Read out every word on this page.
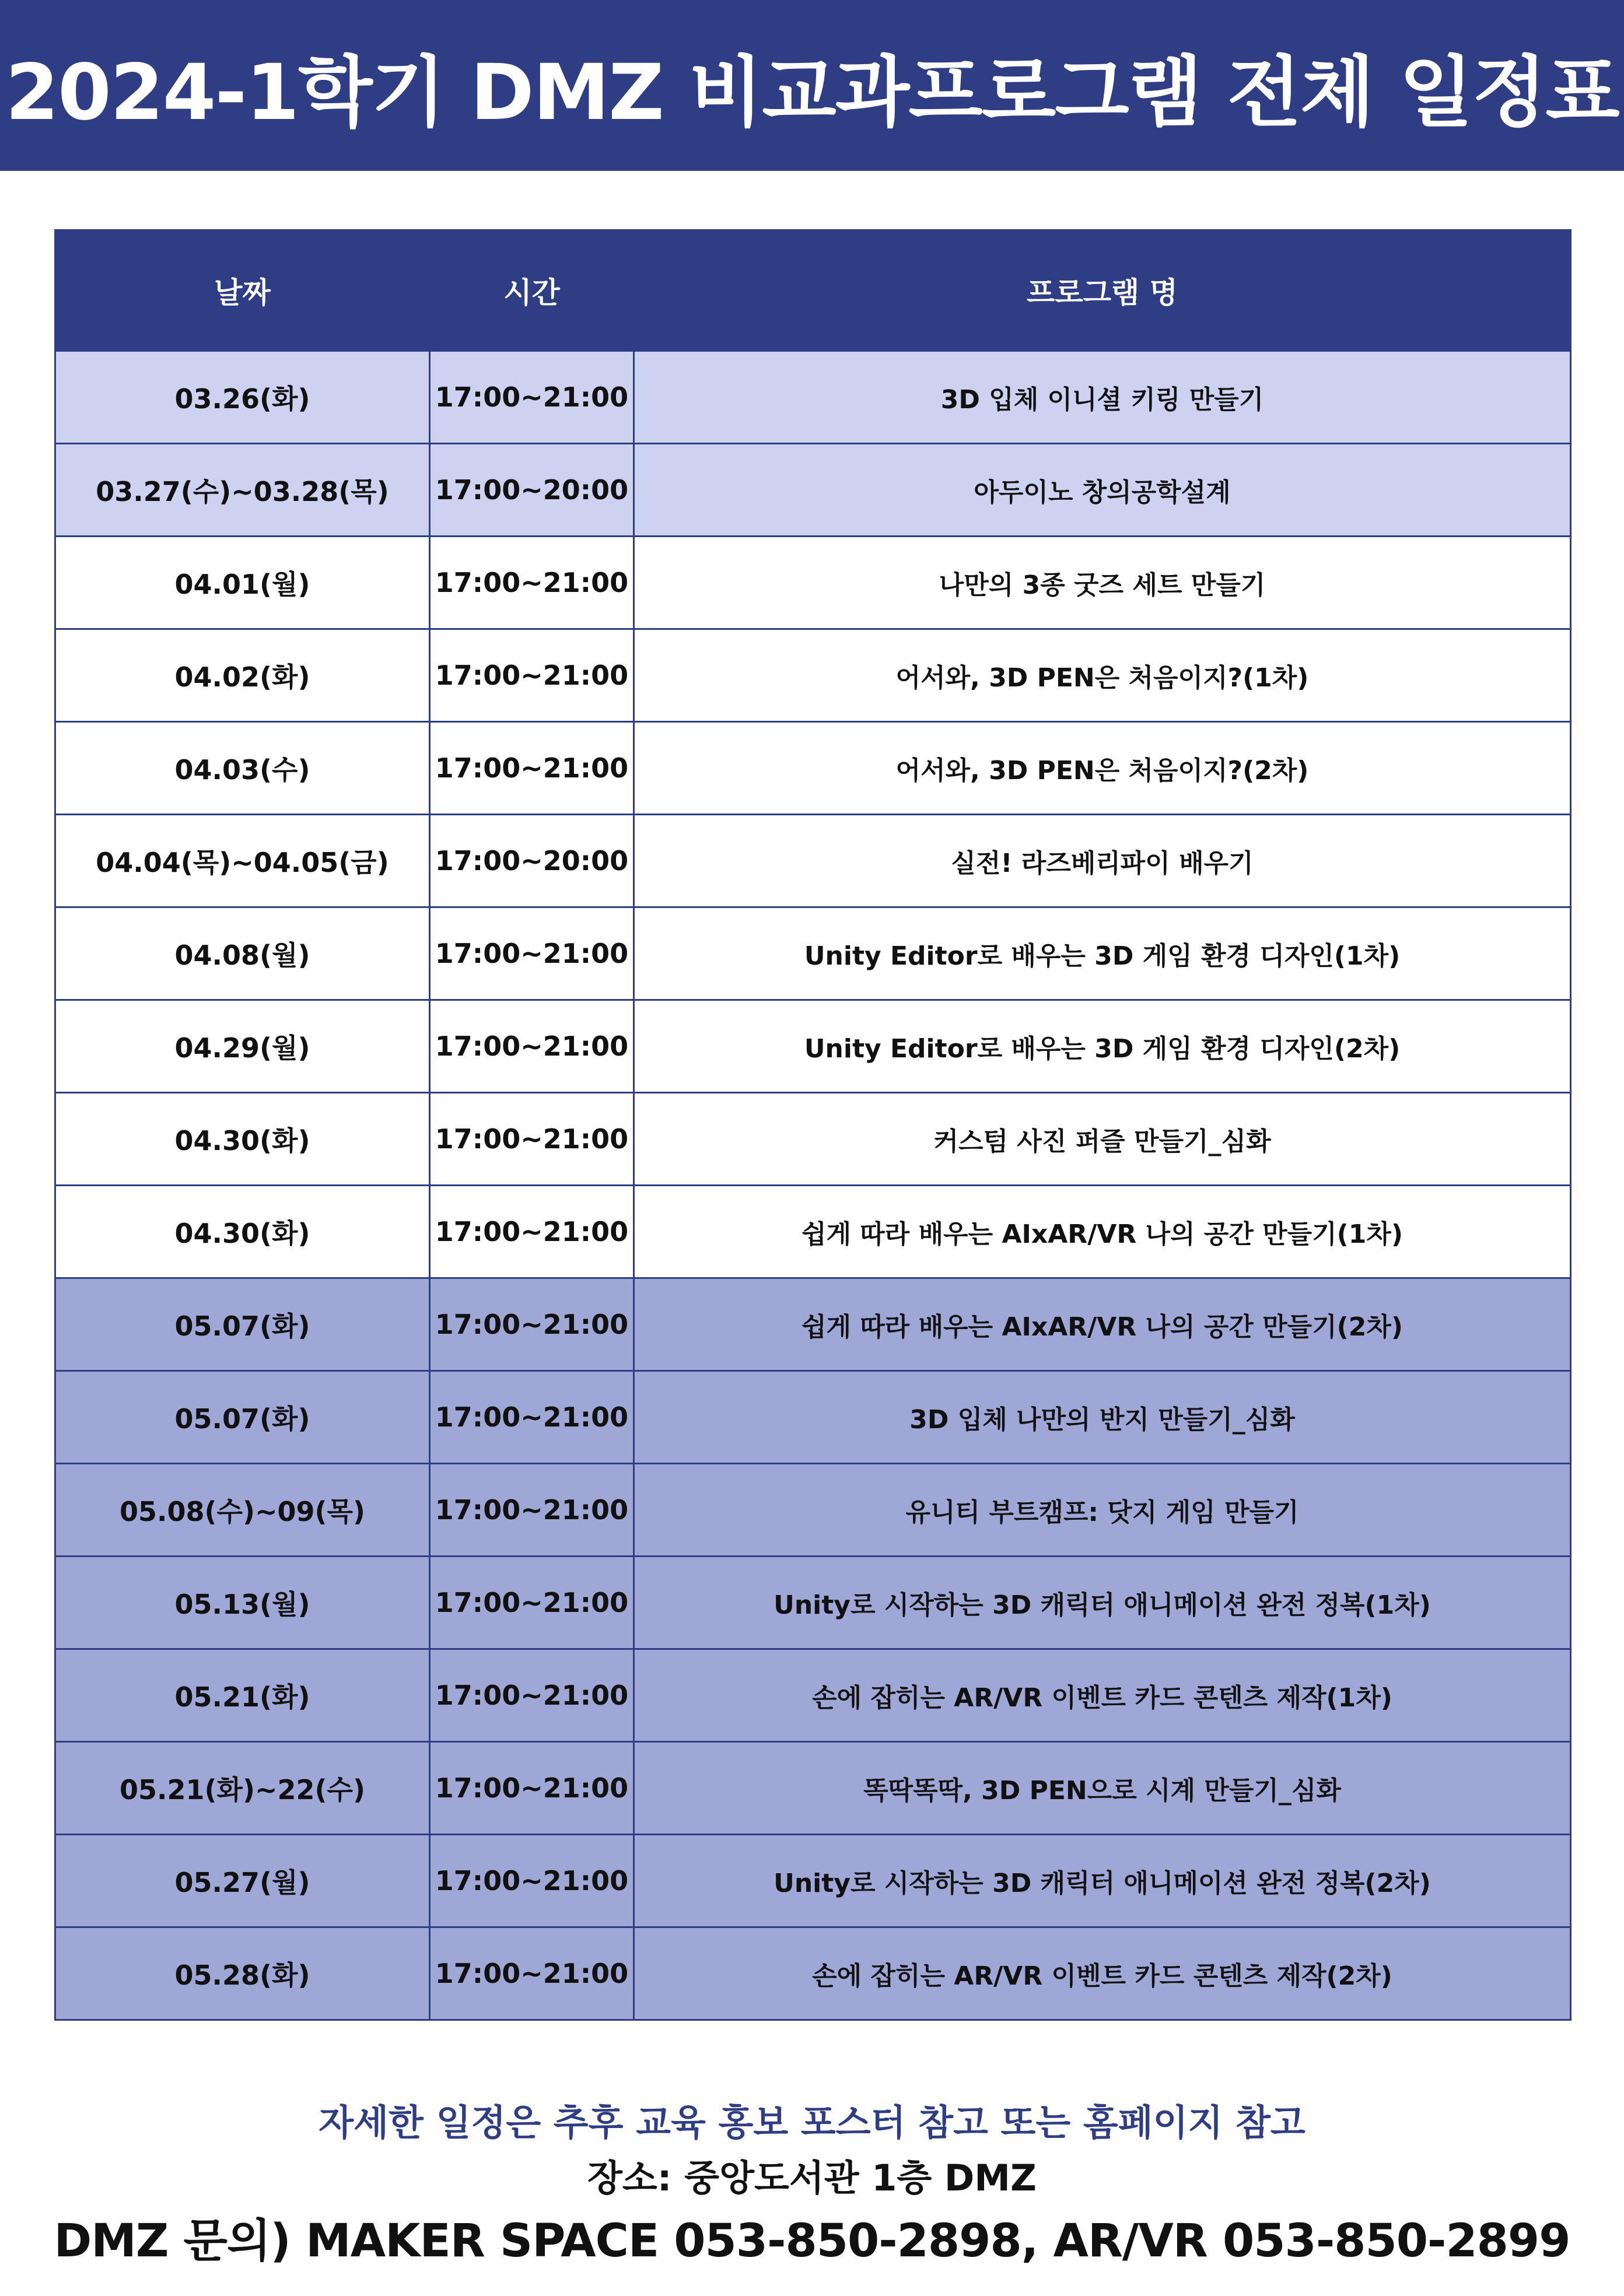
2024-1학기 DMZ 비교과프로그램 전체 일정표
날짜	시간	프로그램 명
03.26(화)	17:00~21:00	3D 입체 이니셜 키링 만들기
03.27(수)~03.28(목)	17:00~20:00	아두이노 창의공학설계
04.01(월)	17:00~21:00	나만의 3종 굿즈 세트 만들기
04.02(화)	17:00~21:00	어서와, 3D PEN은 처음이지?(1차)
04.03(수)	17:00~21:00	어서와, 3D PEN은 처음이지?(2차)
04.04(목)~04.05(금)	17:00~20:00	실전! 라즈베리파이 배우기
04.08(월)	17:00~21:00	Unity Editor로 배우는 3D 게임 환경 디자인(1차)
04.29(월)	17:00~21:00	Unity Editor로 배우는 3D 게임 환경 디자인(2차)
04.30(화)	17:00~21:00	커스텀 사진 퍼즐 만들기_심화
04.30(화)	17:00~21:00	쉽게 따라 배우는 AIxAR/VR 나의 공간 만들기(1차)
05.07(화)	17:00~21:00	쉽게 따라 배우는 AIxAR/VR 나의 공간 만들기(2차)
05.07(화)	17:00~21:00	3D 입체 나만의 반지 만들기_심화
05.08(수)~09(목)	17:00~21:00	유니티 부트캠프: 닷지 게임 만들기
05.13(월)	17:00~21:00	Unity로 시작하는 3D 캐릭터 애니메이션 완전 정복(1차)
05.21(화)	17:00~21:00	손에 잡히는 AR/VR 이벤트 카드 콘텐츠 제작(1차)
05.21(화)~22(수)	17:00~21:00	똑딱똑딱, 3D PEN으로 시계 만들기_심화
05.27(월)	17:00~21:00	Unity로 시작하는 3D 캐릭터 애니메이션 완전 정복(2차)
05.28(화)	17:00~21:00	손에 잡히는 AR/VR 이벤트 카드 콘텐츠 제작(2차)
자세한 일정은 추후 교육 홍보 포스터 참고 또는 홈페이지 참고
장소: 중앙도서관 1층 DMZ
DMZ 문의) MAKER SPACE 053-850-2898, AR/VR 053-850-2899
